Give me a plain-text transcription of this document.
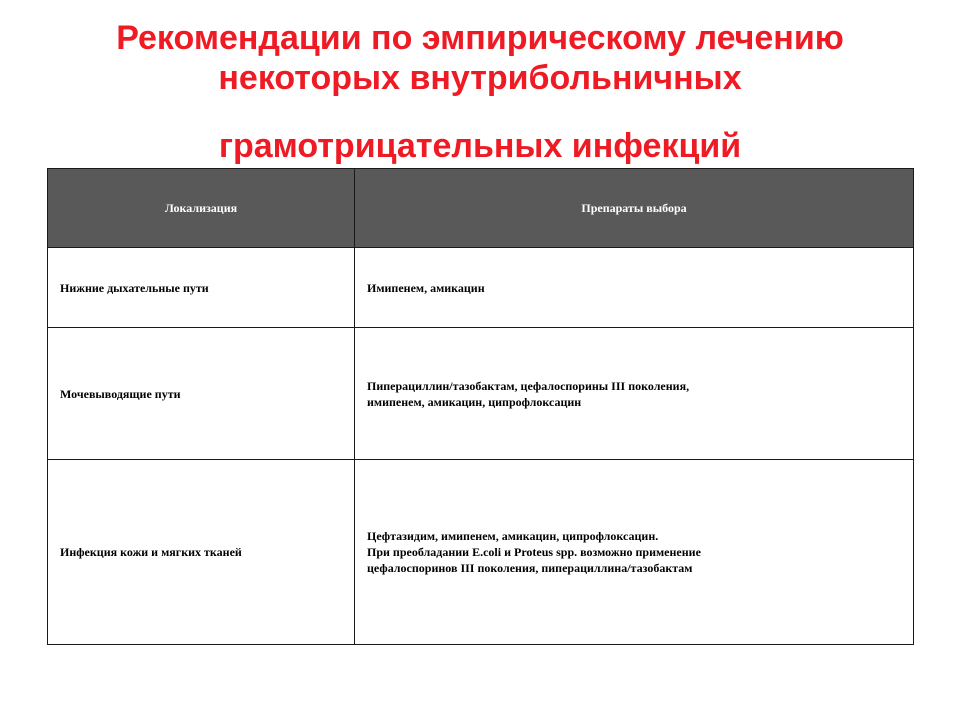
Рекомендации по эмпирическому лечению
некоторых внутрибольничных
грамотрицательных инфекций
Локализация	Препараты выбора
Нижние дыхательные пути	Имипенем, амикацин

Мочевыводящие пути	Пиперациллин/тазобактам, цефалоспорины III поколения,
имипенем, амикацин, ципрофлоксацин

Инфекция кожи и мягких тканей	Цефтазидим, имипенем, амикацин, ципрофлоксацин.
При преобладании E.coli и Proteus spp. возможно применение
цефалоспоринов III поколения, пиперациллина/тазобактам
